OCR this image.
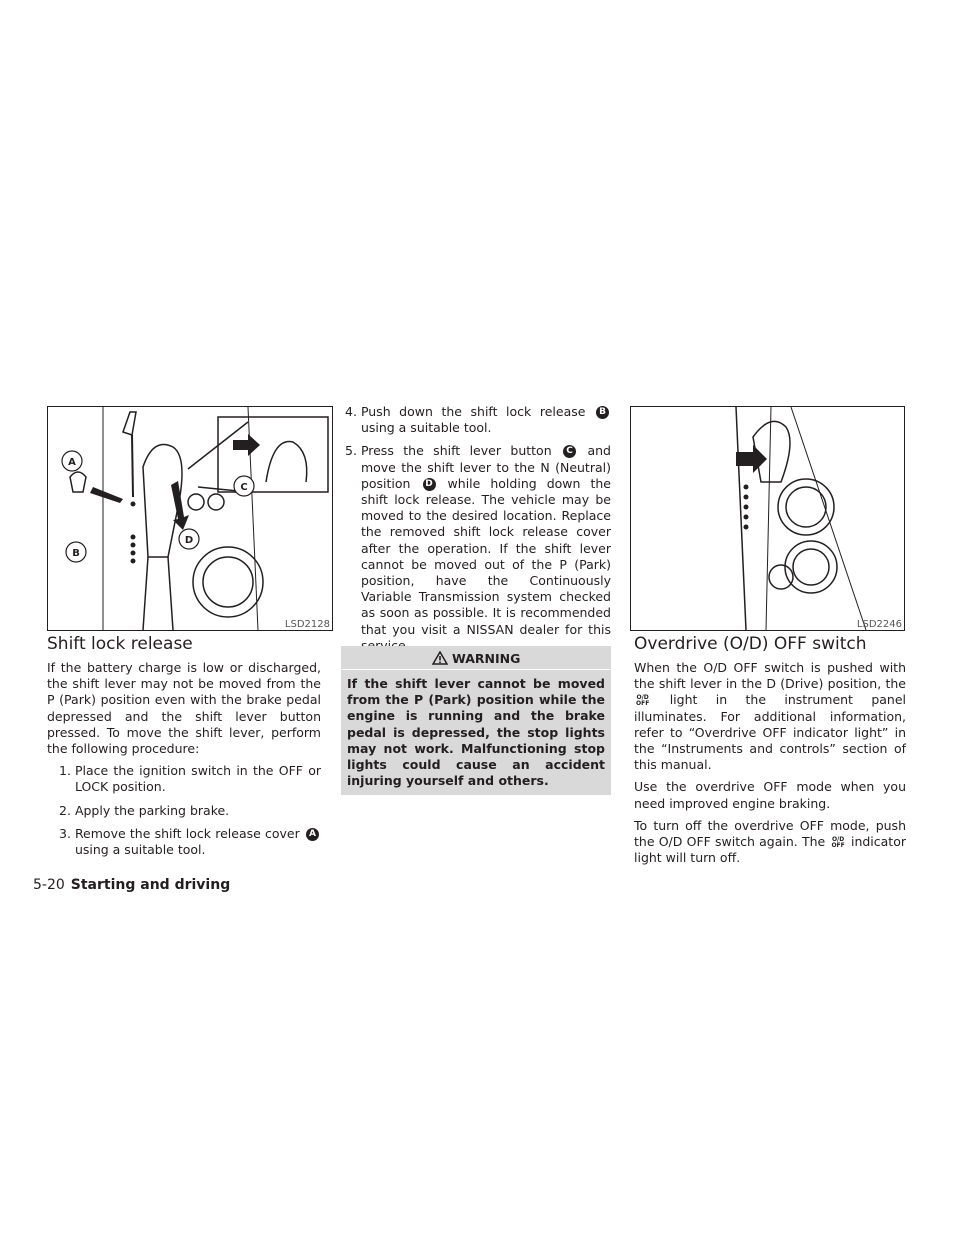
A
B
C
D
LSD2128	LSD2246
Shift lock release

If the battery charge is low or discharged, the shift lever may not be moved from the P (Park) position even with the brake pedal depressed and the shift lever button pressed. To move the shift lever, perform the following procedure:

1. Place the ignition switch in the OFF or LOCK position.
2. Apply the parking brake.
3. Remove the shift lock release cover A using a suitable tool.
4. Push down the shift lock release B using a suitable tool.
5. Press the shift lever button C and move the shift lever to the N (Neutral) position D while holding down the shift lock release. The vehicle may be moved to the desired location. Replace the removed shift lock release cover after the operation. If the shift lever cannot be moved out of the P (Park) position, have the Continuously Variable Transmission system checked as soon as possible. It is recommended that you visit a NISSAN dealer for this
WARNING
If the shift lever cannot be moved from the P (Park) position while the engine is running and the brake pedal is depressed, the stop lights may not work. Malfunctioning stop lights could cause an accident injuring yourself and others.
Overdrive (O/D) OFF switch

When the O/D OFF switch is pushed with the shift lever in the D (Drive) position, the O/D
OFF light in the instrument panel illuminates. For additional information, refer to “Overdrive OFF indicator light” in the “Instruments and controls” section of this manual.

Use the overdrive OFF mode when you need improved engine braking.

To turn off the overdrive OFF mode, push the O/D OFF switch again. The O/D
OFF indicator light will turn off.

5-20 Starting and driving
